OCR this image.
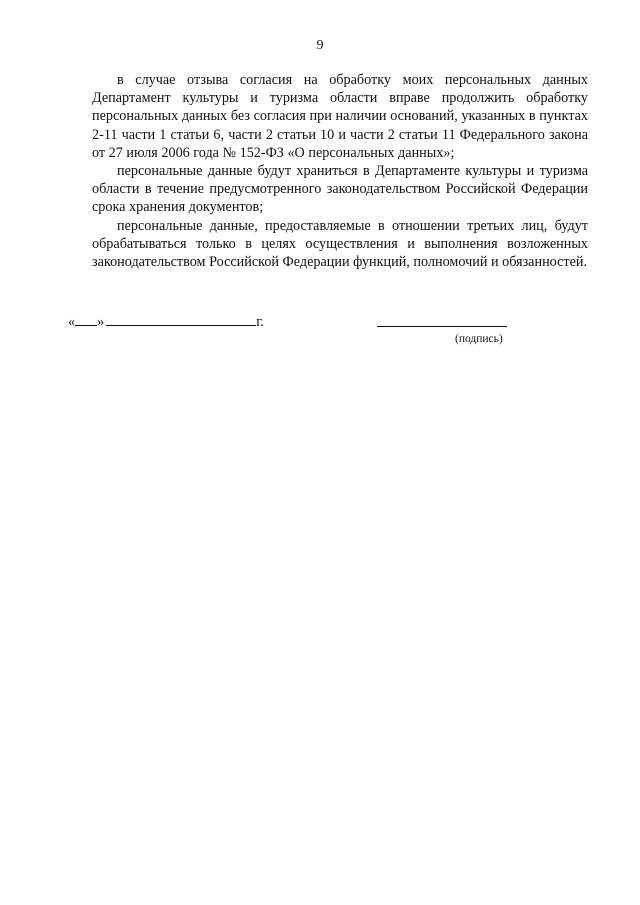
9

в случае отзыва согласия на обработку моих персональных данных Департамент культуры и туризма области вправе продолжить обработку персональных данных без согласия при наличии оснований, указанных в пунктах 2-11 части 1 статьи 6, части 2 статьи 10 и части 2 статьи 11 Федерального закона от 27 июля 2006 года № 152-ФЗ «О персональных данных»;

персональные данные будут храниться в Департаменте культуры и туризма области в течение предусмотренного законодательством Российской Федерации срока хранения документов;

персональные данные, предоставляемые в отношении третьих лиц, будут обрабатываться только в целях осуществления и выполнения возложенных законодательством Российской Федерации функций, полномочий и обязанностей.

« »	г.
(подпись)
